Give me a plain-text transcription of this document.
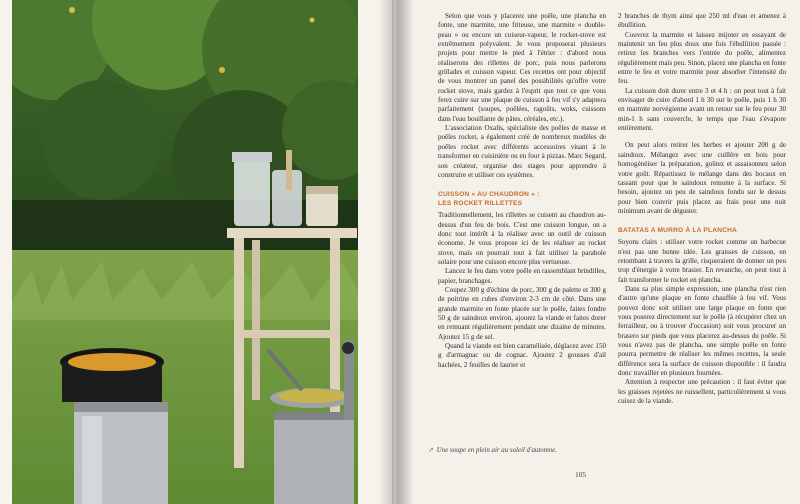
Selon que vous y placerez une poêle, une plancha en fonte, une marmite, une friteuse, une marmite « double-peau » ou encore un cuiseur-vapeur, le rocket-stove est extrêmement polyvalent. Je vous proposerai plusieurs projets pour mettre le pied à l'étrier : d'abord nous réaliserons des rillettes de porc, puis nous parlerons grillades et cuisson vapeur. Ces recettes ont pour objectif de vous montrer un panel des possibilités qu'offre votre rocket stove, mais gardez à l'esprit que tout ce que vous ferez cuire sur une plaque de cuisson à feu vif s'y adaptera parfaitement (soupes, poêlées, ragoûts, woks, cuissons dans l'eau bouillante de pâtes, céréales, etc.).

L'association Oxalis, spécialiste des poêles de masse et poêles rocket, a également créé de nombreux modèles de poêles rocket avec différents accessoires visant à le transformer en cuisinière ou en four à pizzas. Marc Segard, son créateur, organise des stages pour apprendre à construire et utiliser ces systèmes.

CUISSON « AU CHAUDRON » :
LES ROCKET RILLETTES

Traditionnellement, les rillettes se cuisent au chaudron au-dessus d'un feu de bois. C'est une cuisson longue, on a donc tout intérêt à la réaliser avec un outil de cuisson économe. Je vous propose ici de les réaliser au rocket stove, mais on pourrait tout à fait utiliser la parabole solaire pour une cuisson encore plus vertueuse.

Lancez le feu dans votre poêle en rassemblant brindilles, papier, branchages.

Coupez 300 g d'échine de porc, 300 g de palette et 300 g de poitrine en cubes d'environ 2-3 cm de côté. Dans une grande marmite en fonte placée sur le poêle, faites fondre 50 g de saindoux environ, ajoutez la viande et faites dorer en remuant régulièrement pendant une dizaine de minutes. Ajoutez 15 g de sel.

Quand la viande est bien caramélisée, déglacez avec 150 g d'armagnac ou de cognac. Ajoutez 2 gousses d'ail hachées, 2 feuilles de laurier et

2 branches de thym ainsi que 250 ml d'eau et amenez à ébullition.

Couvrez la marmite et laissez mijoter en essayant de maintenir un feu plus doux une fois l'ébullition passée : retirez les branches vers l'entrée du poêle, alimentez régulièrement mais peu. Sinon, placez une plancha en fonte entre le feu et votre marmite pour absorber l'intensité du feu.

La cuisson doit durer entre 3 et 4 h : on peut tout à fait envisager de cuire d'abord 1 h 30 sur le poêle, puis 1 h 30 en marmite norvégienne avant un retour sur le feu pour 30 min-1 h sans couvercle, le temps que l'eau s'évapore entièrement.

On peut alors retirer les herbes et ajouter 200 g de saindoux. Mélangez avec une cuillère en bois pour homogénéiser la préparation, goûtez et assaisonnez selon votre goût. Répartissez le mélange dans des bocaux en tassant pour que le saindoux remonte à la surface. Si besoin, ajoutez un peu de saindoux fondu sur le dessus pour bien couvrir puis placez au frais pour une nuit minimum avant de déguster.

BATATAS A MURRO À LA PLANCHA

Soyons clairs : utiliser votre rocket comme un barbecue n'est pas une bonne idée. Les graisses de cuisson, en retombant à travers la grille, risqueraient de donner un peu trop d'énergie à votre brasier. En revanche, on peut tout à fait transformer le rocket en plancha.

Dans sa plus simple expression, une plancha n'est rien d'autre qu'une plaque en fonte chauffée à feu vif. Vous pouvez donc soit utiliser une large plaque en fonte que vous poserez directement sur le poêle (à récupérer chez un ferrailleur, ou à trouver d'occasion) soit vous procurer un brasero sur pieds que vous placerez au-dessus du poêle. Si vous n'avez pas de plancha, une simple poêle en fonte pourra permettre de réaliser les mêmes recettes, la seule différence sera la surface de cuisson disponible : il faudra donc travailler en plusieurs fournées.

Attention à respecter une précaution : il faut éviter que les graisses rejetées ne ruissellent, particulièrement si vous cuisez de la viande.

↗ Une soupe en plein air au soleil d'automne.
105
